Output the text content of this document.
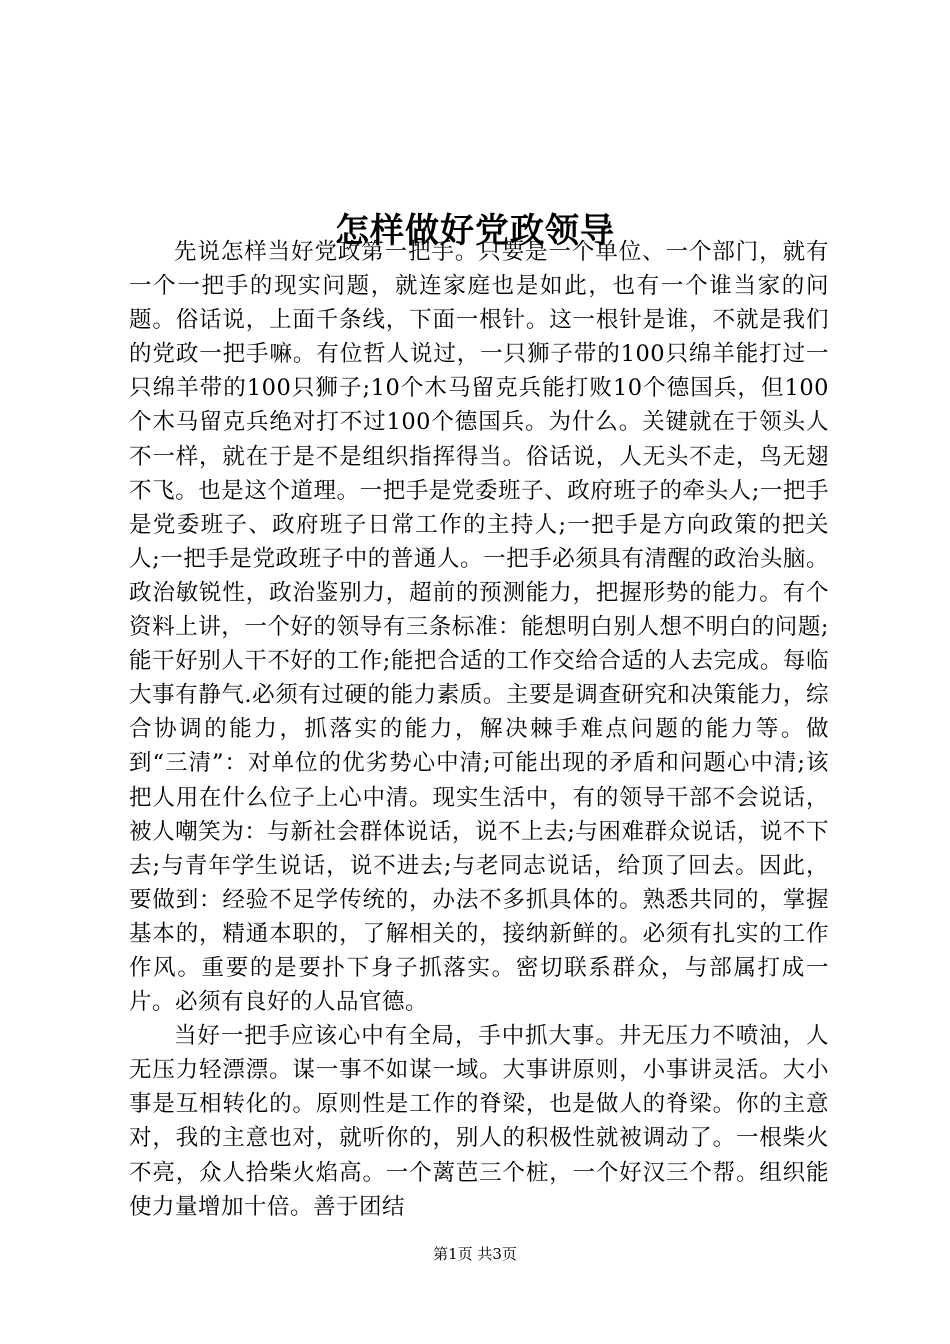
怎样做好党政领导

先说怎样当好党政第一把手。只要是一个单位、一个部门，就有一个一把手的现实问题，就连家庭也是如此，也有一个谁当家的问题。俗话说，上面千条线，下面一根针。这一根针是谁，不就是我们的党政一把手嘛。有位哲人说过，一只狮子带的100只绵羊能打过一只绵羊带的100只狮子;10个木马留克兵能打败10个德国兵，但100个木马留克兵绝对打不过100个德国兵。为什么。关键就在于领头人不一样，就在于是不是组织指挥得当。俗话说，人无头不走，鸟无翅不飞。也是这个道理。一把手是党委班子、政府班子的牵头人;一把手是党委班子、政府班子日常工作的主持人;一把手是方向政策的把关人;一把手是党政班子中的普通人。一把手必须具有清醒的政治头脑。政治敏锐性，政治鉴别力，超前的预测能力，把握形势的能力。有个资料上讲，一个好的领导有三条标准：能想明白别人想不明白的问题;能干好别人干不好的工作;能把合适的工作交给合适的人去完成。每临大事有静气.必须有过硬的能力素质。主要是调查研究和决策能力，综合协调的能力，抓落实的能力，解决棘手难点问题的能力等。做到“三清”：对单位的优劣势心中清;可能出现的矛盾和问题心中清;该把人用在什么位子上心中清。现实生活中，有的领导干部不会说话，被人嘲笑为：与新社会群体说话，说不上去;与困难群众说话，说不下去;与青年学生说话，说不进去;与老同志说话，给顶了回去。因此，要做到：经验不足学传统的，办法不多抓具体的。熟悉共同的，掌握基本的，精通本职的，了解相关的，接纳新鲜的。必须有扎实的工作作风。重要的是要扑下身子抓落实。密切联系群众，与部属打成一片。必须有良好的人品官德。

当好一把手应该心中有全局，手中抓大事。井无压力不喷油，人无压力轻漂漂。谋一事不如谋一域。大事讲原则，小事讲灵活。大小事是互相转化的。原则性是工作的脊梁，也是做人的脊梁。你的主意对，我的主意也对，就听你的，别人的积极性就被调动了。一根柴火不亮，众人拾柴火焰高。一个蓠芭三个桩，一个好汉三个帮。组织能使力量增加十倍。善于团结

第1页 共3页
